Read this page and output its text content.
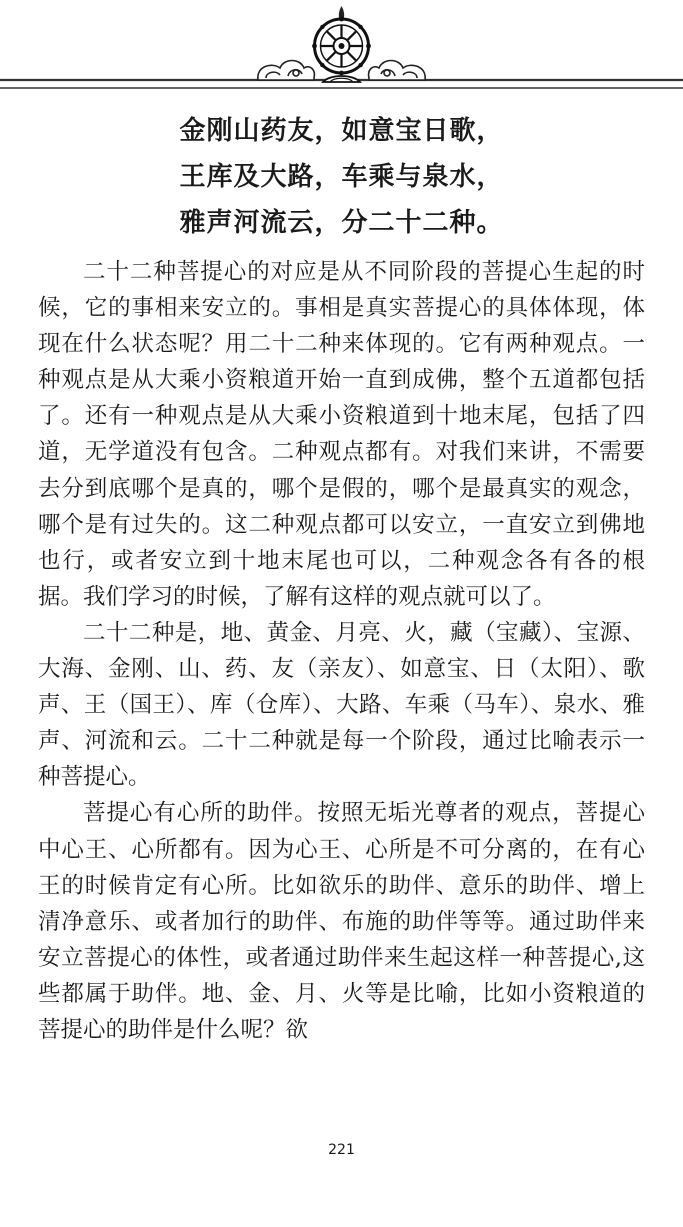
金刚山药友，如意宝日歌，
王库及大路，车乘与泉水，
雅声河流云，分二十二种。

二十二种菩提心的对应是从不同阶段的菩提心生起的时候，它的事相来安立的。事相是真实菩提心的具体体现，体现在什么状态呢？用二十二种来体现的。它有两种观点。一种观点是从大乘小资粮道开始一直到成佛，整个五道都包括了。还有一种观点是从大乘小资粮道到十地末尾，包括了四道，无学道没有包含。二种观点都有。对我们来讲，不需要去分到底哪个是真的，哪个是假的，哪个是最真实的观念，哪个是有过失的。这二种观点都可以安立，一直安立到佛地也行，或者安立到十地末尾也可以，二种观念各有各的根据。我们学习的时候，了解有这样的观点就可以了。

二十二种是，地、黄金、月亮、火，藏（宝藏）、宝源、大海、金刚、山、药、友（亲友）、如意宝、日（太阳）、歌声、王（国王）、库（仓库）、大路、车乘（马车）、泉水、雅声、河流和云。二十二种就是每一个阶段，通过比喻表示一种菩提心。

菩提心有心所的助伴。按照无垢光尊者的观点，菩提心中心王、心所都有。因为心王、心所是不可分离的，在有心王的时候肯定有心所。比如欲乐的助伴、意乐的助伴、增上清净意乐、或者加行的助伴、布施的助伴等等。通过助伴来安立菩提心的体性，或者通过助伴来生起这样一种菩提心,这些都属于助伴。地、金、月、火等是比喻，比如小资粮道的菩提心的助伴是什么呢？欲

221
